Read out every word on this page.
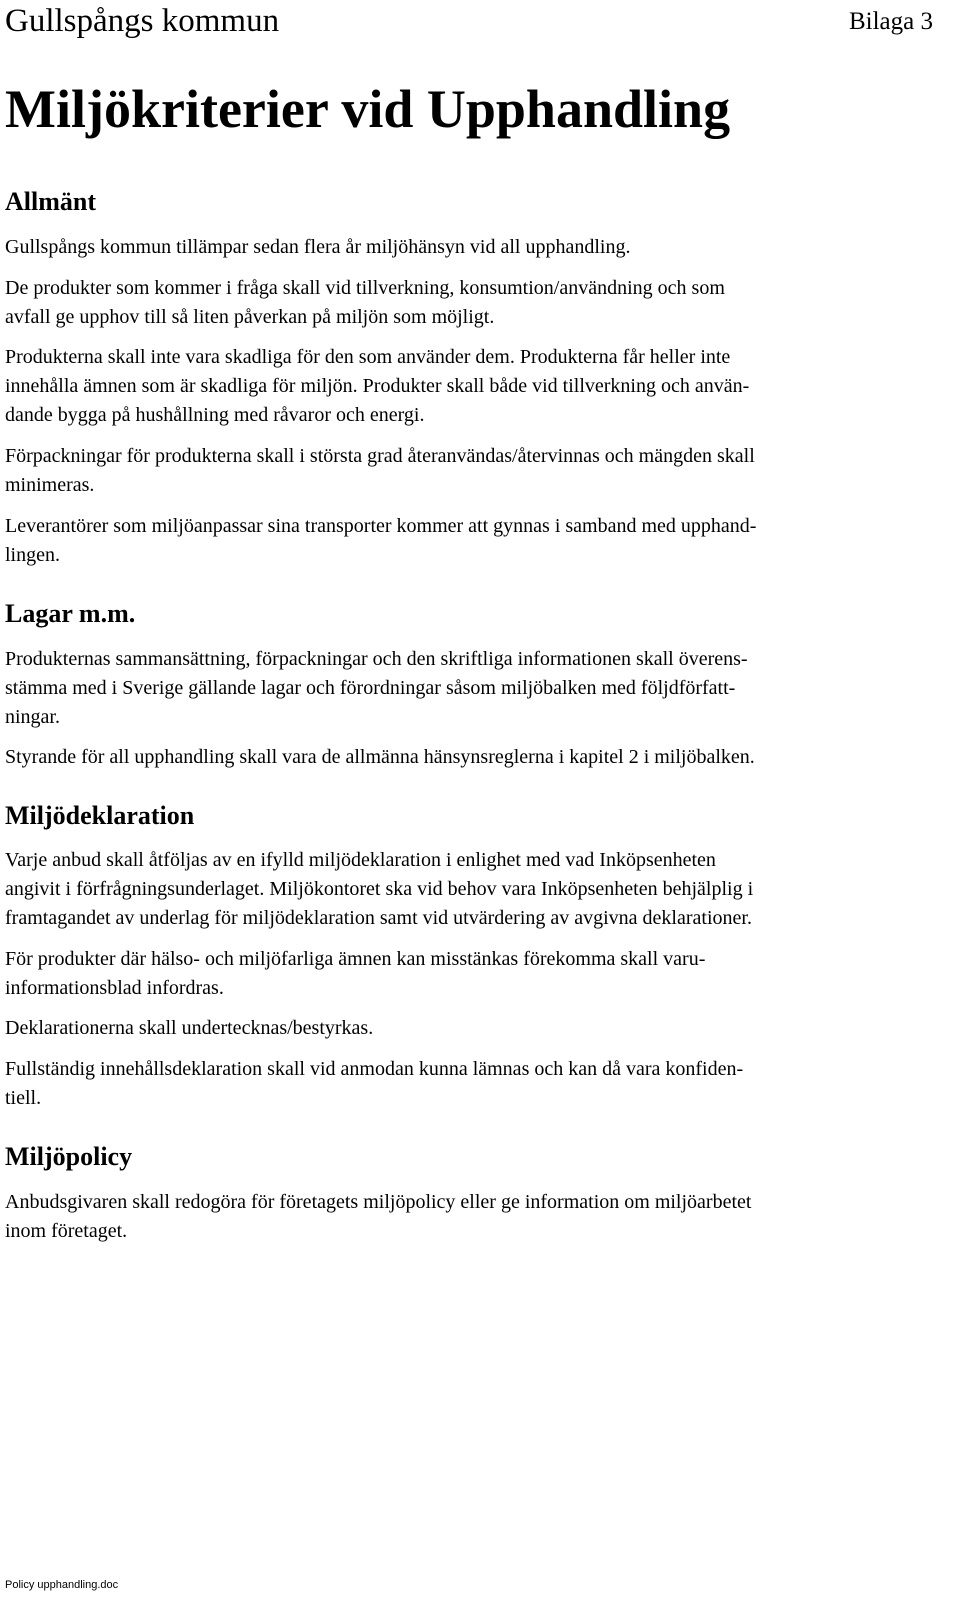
Gullspångs kommun	Bilaga 3
Miljökriterier vid Upphandling
Allmänt

Gullspångs kommun tillämpar sedan flera år miljöhänsyn vid all upphandling.

De produkter som kommer i fråga skall vid tillverkning, konsumtion/användning och som
avfall ge upphov till så liten påverkan på miljön som möjligt.

Produkterna skall inte vara skadliga för den som använder dem. Produkterna får heller inte
innehålla ämnen som är skadliga för miljön. Produkter skall både vid tillverkning och använ-
dande bygga på hushållning med råvaror och energi.

Förpackningar för produkterna skall i största grad återanvändas/återvinnas och mängden skall
minimeras.

Leverantörer som miljöanpassar sina transporter kommer att gynnas i samband med upphand-
lingen.

Lagar m.m.

Produkternas sammansättning, förpackningar och den skriftliga informationen skall överens-
stämma med i Sverige gällande lagar och förordningar såsom miljöbalken med följdförfatt-
ningar.

Styrande för all upphandling skall vara de allmänna hänsynsreglerna i kapitel 2 i miljöbalken.

Miljödeklaration

Varje anbud skall åtföljas av en ifylld miljödeklaration i enlighet med vad Inköpsenheten
angivit i förfrågningsunderlaget. Miljökontoret ska vid behov vara Inköpsenheten behjälplig i
framtagandet av underlag för miljödeklaration samt vid utvärdering av avgivna deklarationer.

För produkter där hälso- och miljöfarliga ämnen kan misstänkas förekomma skall varu-
informationsblad infordras.

Deklarationerna skall undertecknas/bestyrkas.

Fullständig innehållsdeklaration skall vid anmodan kunna lämnas och kan då vara konfiden-
tiell.

Miljöpolicy

Anbudsgivaren skall redogöra för företagets miljöpolicy eller ge information om miljöarbetet
inom företaget.

Policy upphandling.doc
